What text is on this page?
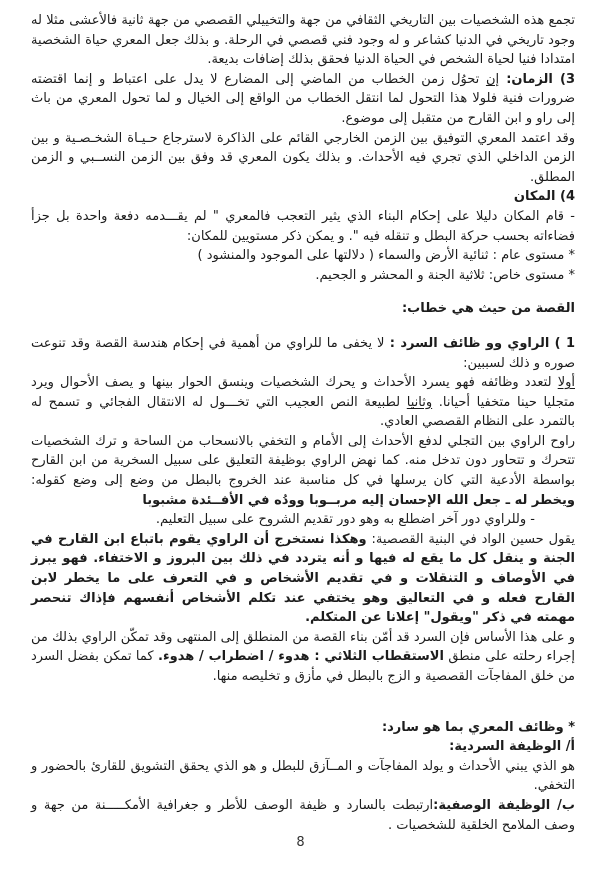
تجمع هذه الشخصيات بين التاريخي الثقافي من جهة والتخييلي القصصي من جهة ثانية فالأعشى مثلا له وجود تاريخي في الدنيا كشاعر و له وجود فني قصصي في الرحلة. و بذلك جعل المعري حياة الشخصية امتدادا فنيا لحياة الشخص في الحياة الدنيا فحقق بذلك إضافات بديعة.

3) الزمان: إن تحوُل زمن الخطاب من الماضي إلى المضارع لا يدل على اعتباط و إنما اقتضته ضرورات فنية فلولا هذا التحول لما انتقل الخطاب من الواقع إلى الخيال و لما تحول المعري من باث إلى راو و ابن القارح من متقبل إلى موضوع.

وقد اعتمد المعري التوفيق بين الزمن الخارجي القائم على الذاكرة لاسترجاع حـيـاة الشخـصـية و بين الزمن الداخلي الذي تجري فيه الأحداث. و بذلك يكون المعري قد وفق بين الزمن النســبي و الزمن المطلق.

4) المكان

- قام المكان دليلا على إحكام البناء الذي يثير التعجب فالمعري " لم يقـــدمه دفعة واحدة بل جزأ فضاءاته بحسب حركة البطل و تنقله فيه ". و يمكن ذكر مستويين للمكان:

* مستوى عام : ثنائية الأرض والسماء ( دلالتها على الموجود والمنشود )

* مستوى خاص: ثلاثية الجنة و المحشر و الجحيم.

القصة من حيث هي خطاب:

1 ) الراوي وو ظائف السرد : لا يخفى ما للراوي من أهمية في إحكام هندسة القصة وقد تنوعت صوره و ذلك لسببين:

أولا لتعدد وظائفه فهو يسرد الأحداث و يحرك الشخصيات وينسق الحوار بينها و يصف الأحوال ويرد متجليا حينا متخفيا أحيانا. وثانيا لطبيعة النص العجيب التي تخـــول له الانتقال الفجائي و تسمح له بالتمرد على النظام القصصي العادي.

راوح الراوي بين التجلي لدفع الأحداث إلى الأمام و التخفي بالانسحاب من الساحة و ترك الشخصيات تتحرك و تتحاور دون تدخل منه. كما نهض الراوي بوظيفة التعليق على سبيل السخرية من ابن القارح بواسطة الأدعية التي كان يرسلها في كل مناسبة عند الخروج بالبطل من وضع إلى وضع كقوله: ويخطر له ـ جعل الله الإحسان إليه مربــوبا وودُه في الأفــئدة مشبوبا

- وللراوي دور آخر اضطلع به وهو دور تقديم الشروح على سبيل التعليم.

يقول حسين الواد في البنية القصصية: وهكذا نستخرج أن الراوي يقوم باتباع ابن القارح في الجنة و ينقل كل ما يقع له فيها و أنه يتردد في ذلك بين البروز و الاختفاء. فهو يبرز في الأوصاف و التنقلات و في تقديم الأشخاص و في التعرف على ما يخطر لابن القارح فعله و في التعاليق وهو يختفي عند تكلم الأشخاص أنفسهم فإذاك تنحصر مهمته في ذكر "ويقول" إعلانا عن المتكلم.

و على هذا الأساس فإن السرد قد أمّن بناء القصة من المنطلق إلى المنتهى وقد تمكّن الراوي بذلك من إجراء رحلته على منطق الاستقطاب الثلاثي : هدوء / اضطراب / هدوء. كما تمكن بفضل السرد من خلق المفاجآت القصصية و الزج بالبطل في مأزق و تخليصه منها.

* وظائف المعري بما هو سارد:

أ/ الوظيفة السردية:

هو الذي يبني الأحداث و يولد المفاجآت و المــآزق للبطل و هو الذي يحقق التشويق للقارئ بالحضور و التخفي.

ب/ الوظيفة الوصفية:ارتبطت بالسارد و ظيفة الوصف للأطر و جغرافية الأمكـــــنة من جهة و وصف الملامح الخلقية للشخصيات .

8
